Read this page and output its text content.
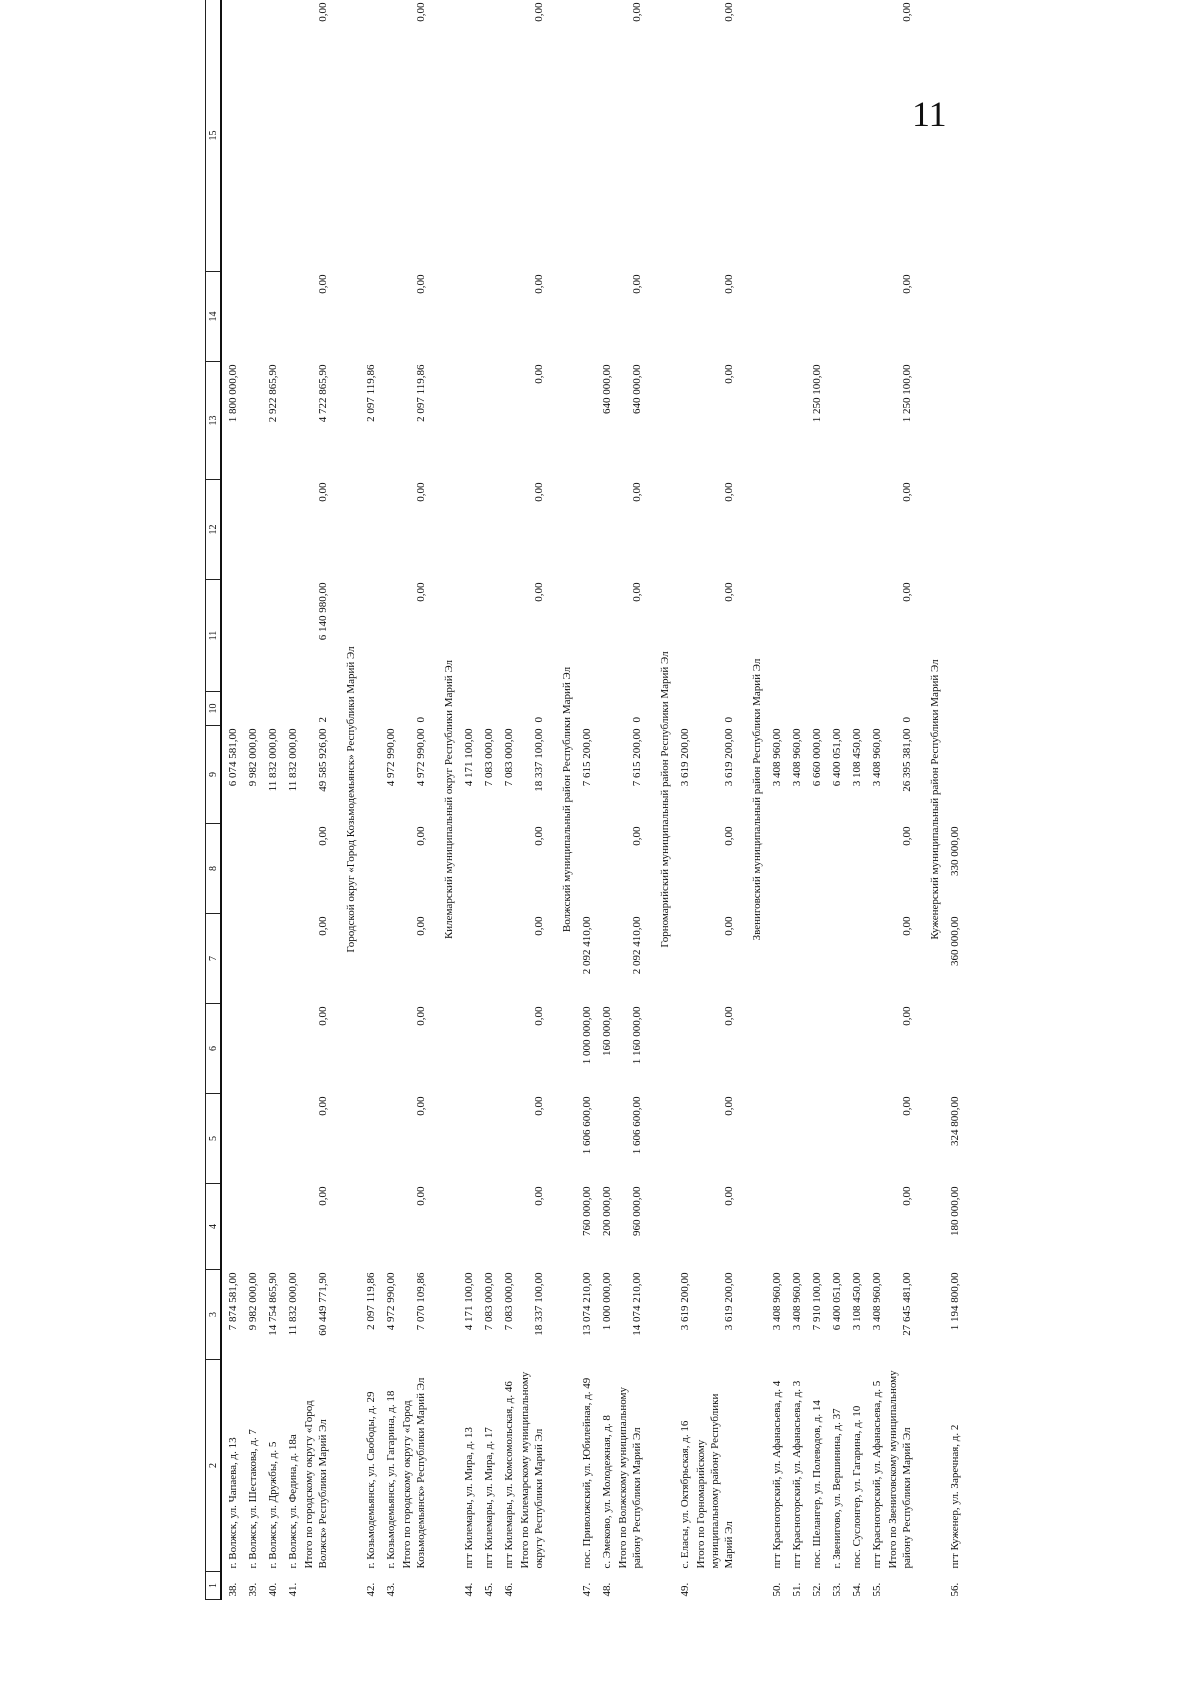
11
1	2	3	4	5	6	7	8	9	10	11	12	13	14	15
38.	г. Волжск, ул. Чапаева, д. 13	7 874 581,00						6 074 581,00				1 800 000,00		
39.	г. Волжск, ул. Шестакова, д. 7	9 982 000,00						9 982 000,00						
40.	г. Волжск, ул. Дружбы, д. 5	14 754 865,90						11 832 000,00				2 922 865,90		
41.	г. Волжск, ул. Федина, д. 18а	11 832 000,00						11 832 000,00						
	Итого по городскому округу «Город Волжск» Республики Марий Эл	60 449 771,90	0,00	0,00	0,00	0,00	0,00	49 585 926,00	2	6 140 980,00	0,00	4 722 865,90	0,00	0,00

Городской округ «Город Козьмодемьянск» Республики Марий Эл														
42.	г. Козьмодемьянск, ул. Свободы, д. 29	2 097 119,86										2 097 119,86		
43.	г. Козьмодемьянск, ул. Гагарина, д. 18	4 972 990,00						4 972 990,00						
	Итого по городскому округу «Город Козьмодемьянск» Республики Марий Эл	7 070 109,86	0,00	0,00	0,00	0,00	0,00	4 972 990,00	0	0,00	0,00	2 097 119,86	0,00	0,00

Килемарский муниципальный округ Республики Марий Эл														
44.	пгт Килемары, ул. Мира, д. 13	4 171 100,00						4 171 100,00						
45.	пгт Килемары, ул. Мира, д. 17	7 083 000,00						7 083 000,00						
46.	пгт Килемары, ул. Комсомольская, д. 46	7 083 000,00						7 083 000,00						
	Итого по Килемарскому муниципальному округу Республики Марий Эл	18 337 100,00	0,00	0,00	0,00	0,00	0,00	18 337 100,00	0	0,00	0,00	0,00	0,00	0,00

Волжский муниципальный район Республики Марий Эл														
47.	пос. Приволжский, ул. Юбилейная, д. 49	13 074 210,00	760 000,00	1 606 600,00	1 000 000,00	2 092 410,00		7 615 200,00						
48.	с. Эмеково, ул. Молодежная, д. 8	1 000 000,00	200 000,00		160 000,00							640 000,00		
	Итого по Волжскому муниципальному району Республики Марий Эл	14 074 210,00	960 000,00	1 606 600,00	1 160 000,00	2 092 410,00	0,00	7 615 200,00	0	0,00	0,00	640 000,00	0,00	0,00

Горномарийский муниципальный район Республики Марий Эл														
49.	с. Еласы, ул. Октябрьская, д. 16	3 619 200,00						3 619 200,00						
	Итого по Горномарийскому муниципальному району Республики Марий Эл	3 619 200,00	0,00	0,00	0,00	0,00	0,00	3 619 200,00	0	0,00	0,00	0,00	0,00	0,00

Звениговский муниципальный район Республики Марий Эл														
50.	пгт Красногорский, ул. Афанасьева, д. 4	3 408 960,00						3 408 960,00						
51.	пгт Красногорский, ул. Афанасьева, д. 3	3 408 960,00						3 408 960,00						
52.	пос. Шелангер, ул. Полеводов, д. 14	7 910 100,00						6 660 000,00				1 250 100,00		
53.	г. Звенигово, ул. Вершинина, д. 37	6 400 051,00						6 400 051,00						
54.	пос. Суслонгер, ул. Гагарина, д. 10	3 108 450,00						3 108 450,00						
55.	пгт Красногорский, ул. Афанасьева, д. 5	3 408 960,00						3 408 960,00						
	Итого по Звениговскому муниципальному району Республики Марий Эл	27 645 481,00	0,00	0,00	0,00	0,00	0,00	26 395 381,00	0	0,00	0,00	1 250 100,00	0,00	0,00

Куженерский муниципальный район Республики Марий Эл														
56.	пгт Куженер, ул. Заречная, д. 2	1 194 800,00	180 000,00	324 800,00		360 000,00	330 000,00							
